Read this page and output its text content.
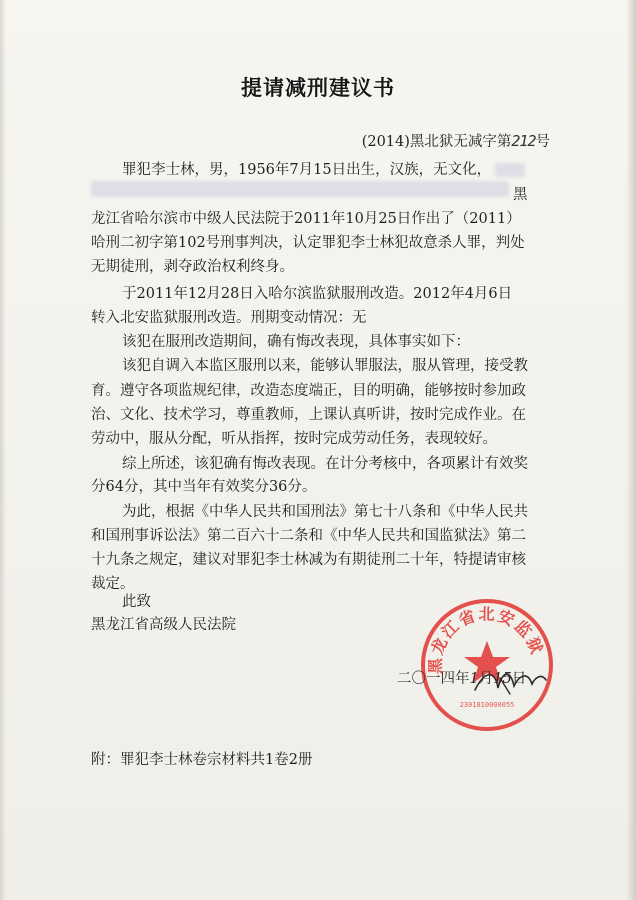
提请减刑建议书
(2014)黑北狱无减字第212号
罪犯李士林，男，1956年7月15日出生，汉族，无文化，
黑
龙江省哈尔滨市中级人民法院于2011年10月25日作出了（2011）
哈刑二初字第102号刑事判决，认定罪犯李士林犯故意杀人罪，判处
无期徒刑，剥夺政治权利终身。
于2011年12月28日入哈尔滨监狱服刑改造。2012年4月6日
转入北安监狱服刑改造。刑期变动情况：无
该犯在服刑改造期间，确有悔改表现，具体事实如下：
该犯自调入本监区服刑以来，能够认罪服法，服从管理，接受教
育。遵守各项监规纪律，改造态度端正，目的明确，能够按时参加政
治、文化、技术学习，尊重教师，上课认真听讲，按时完成作业。在
劳动中，服从分配，听从指挥，按时完成劳动任务，表现较好。
综上所述，该犯确有悔改表现。在计分考核中，各项累计有效奖
分64分，其中当年有效奖分36分。
为此，根据《中华人民共和国刑法》第七十八条和《中华人民共
和国刑事诉讼法》第二百六十二条和《中华人民共和国监狱法》第二
十九条之规定，建议对罪犯李士林减为有期徒刑二十年，特提请审核
裁定。
此致
黑龙江省高级人民法院
黑龙江省北安监狱
2301810000055
二〇一四年1月15日
附：罪犯李士林卷宗材料共1卷2册
